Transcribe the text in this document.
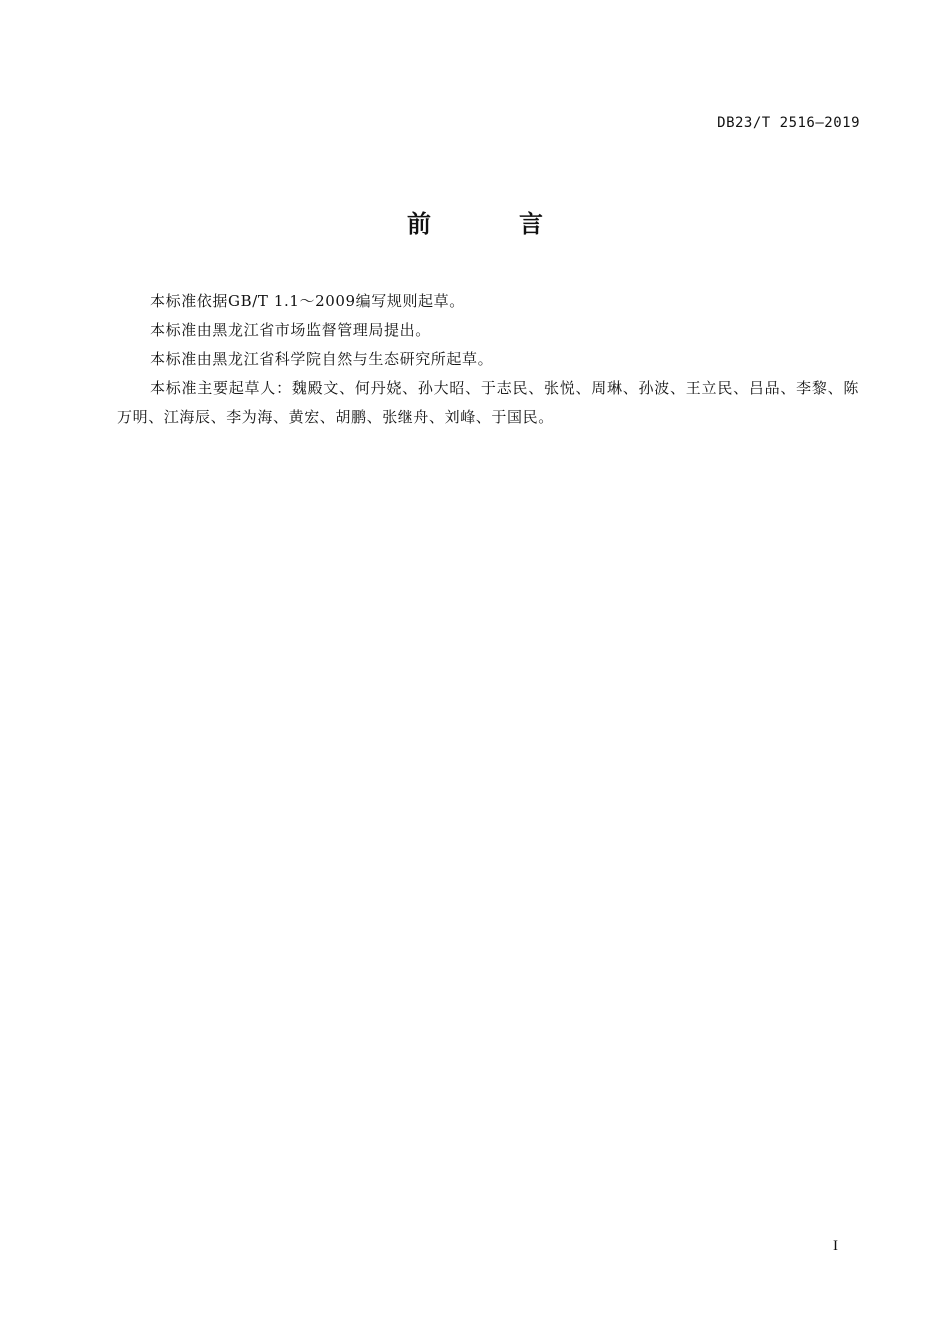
DB23/T 2516—2019
前　言

本标准依据GB/T 1.1～2009编写规则起草。

本标准由黑龙江省市场监督管理局提出。

本标准由黑龙江省科学院自然与生态研究所起草。

本标准主要起草人：魏殿文、何丹娆、孙大昭、于志民、张悦、周琳、孙波、王立民、吕品、李黎、陈万明、江海辰、李为海、黄宏、胡鹏、张继舟、刘峰、于国民。

I
